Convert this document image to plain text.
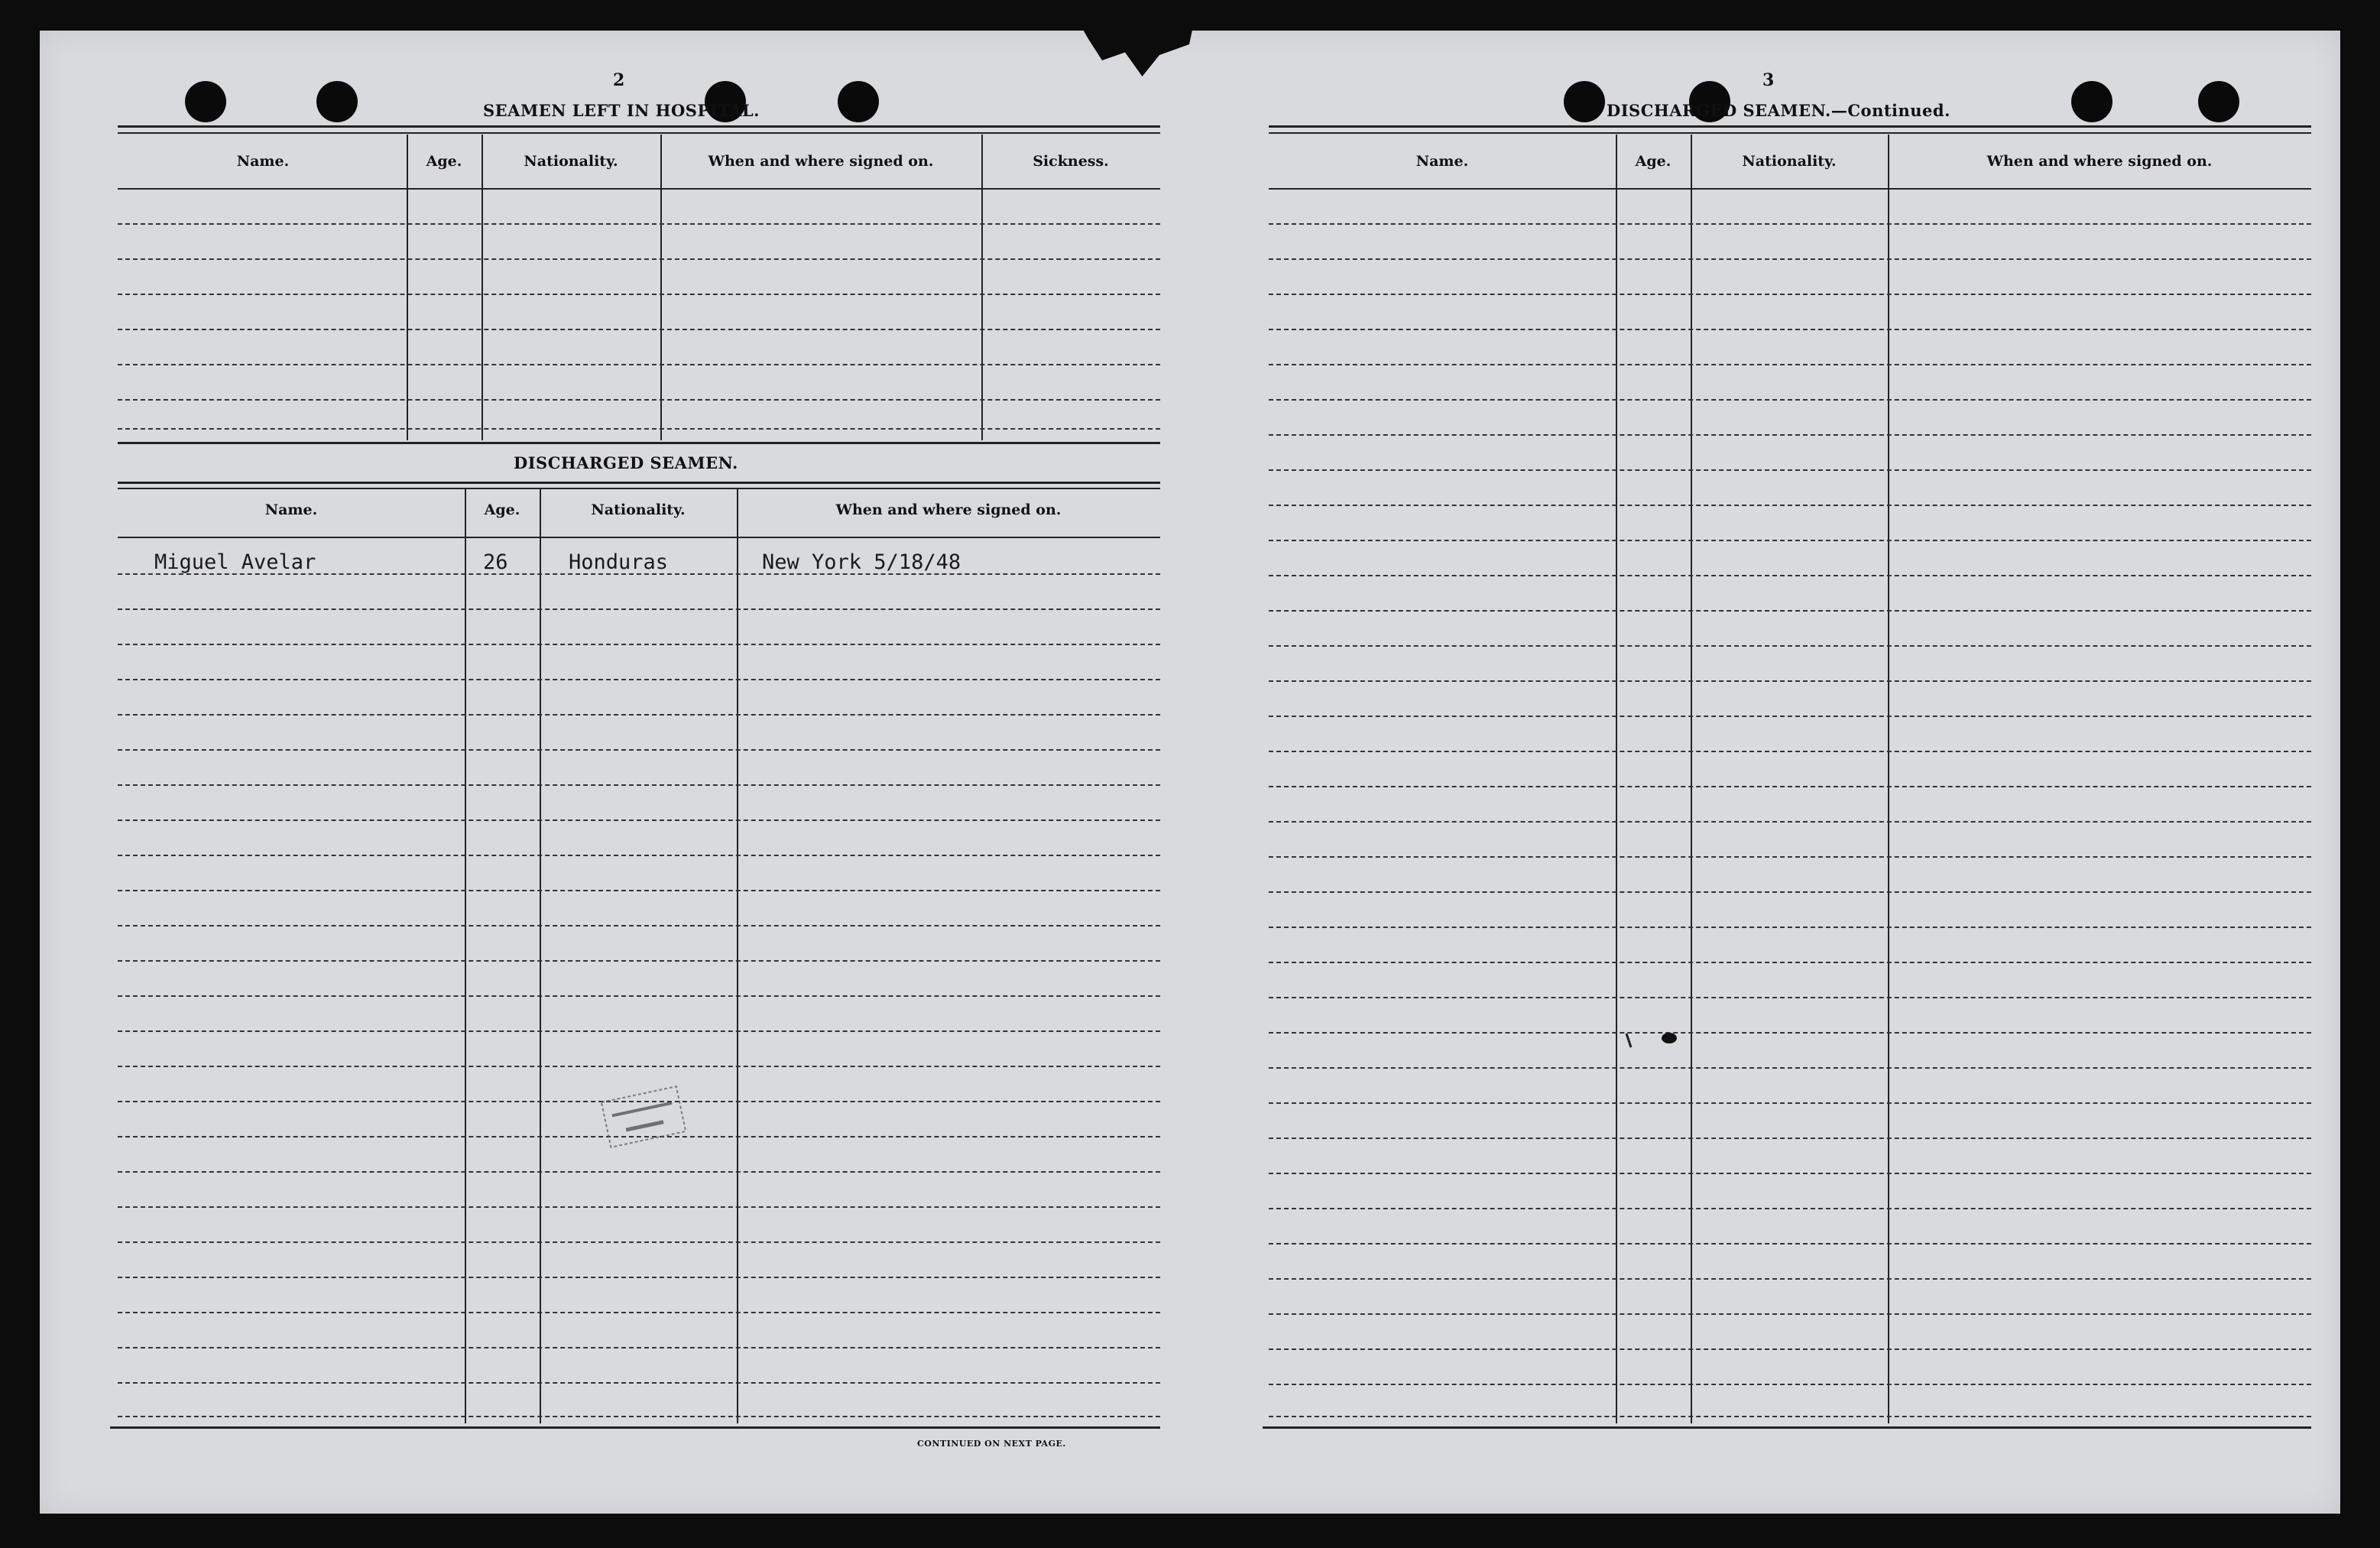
2
SEAMEN LEFT IN HOSPITAL.
Name.	Age.	Nationality.	When and where signed on.	Sickness.
DISCHARGED SEAMEN.
Name.	Age.	Nationality.	When and where signed on.
Miguel Avelar	26	Honduras	New York 5/18/48
CONTINUED ON NEXT PAGE.
3
DISCHARGED SEAMEN.—Continued.
Name.	Age.	Nationality.	When and where signed on.
